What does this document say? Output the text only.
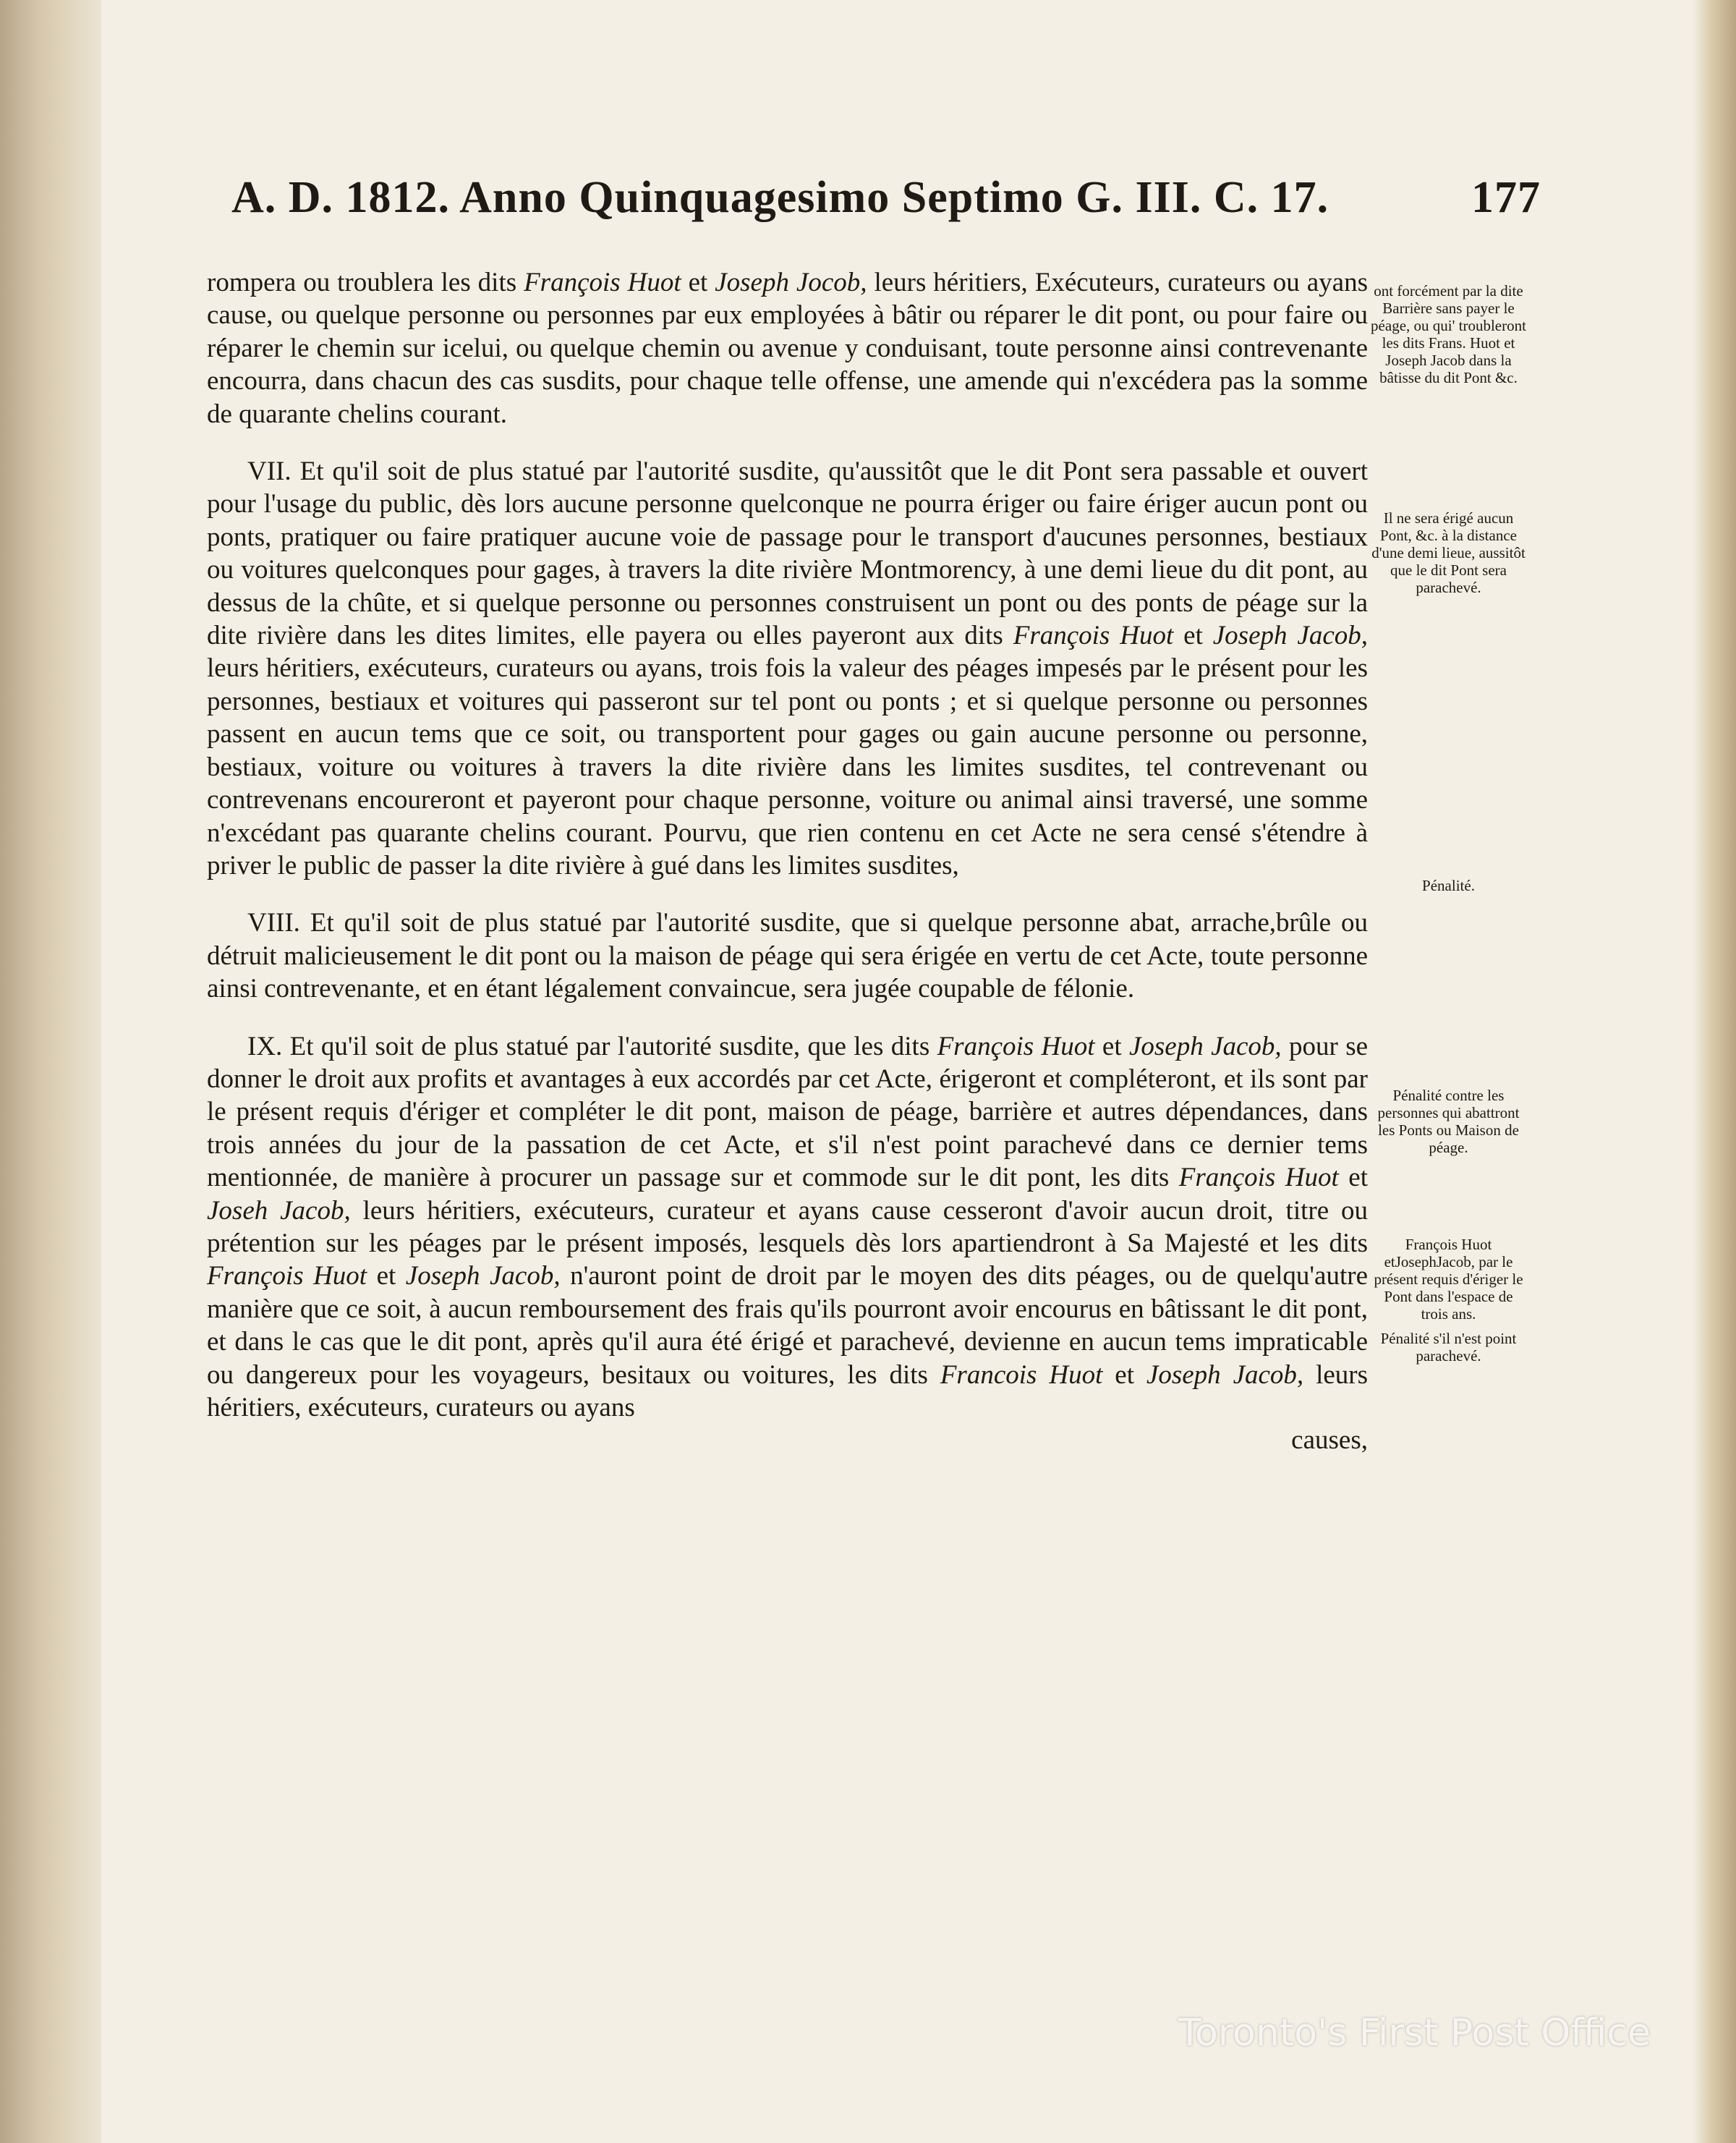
A. D. 1812. Anno Quinquagesimo Septimo G. III. C. 17.	177

rompera ou troublera les dits François Huot et Joseph Jocob, leurs héritiers, Exécuteurs, curateurs ou ayans cause, ou quelque personne ou personnes par eux employées à bâtir ou réparer le dit pont, ou pour faire ou réparer le chemin sur icelui, ou quelque chemin ou avenue y conduisant, toute personne ainsi contrevenante encourra, dans chacun des cas susdits, pour chaque telle offense, une amende qui n'excédera pas la somme de quarante chelins courant.

VII. Et qu'il soit de plus statué par l'autorité susdite, qu'aussitôt que le dit Pont sera passable et ouvert pour l'usage du public, dès lors aucune personne quelconque ne pourra ériger ou faire ériger aucun pont ou ponts, pratiquer ou faire pratiquer aucune voie de passage pour le transport d'aucunes personnes, bestiaux ou voitures quelconques pour gages, à travers la dite rivière Montmorency, à une demi lieue du dit pont, au dessus de la chûte, et si quelque personne ou personnes construisent un pont ou des ponts de péage sur la dite rivière dans les dites limites, elle payera ou elles payeront aux dits François Huot et Joseph Jacob, leurs héritiers, exécuteurs, curateurs ou ayans, trois fois la valeur des péages impesés par le présent pour les personnes, bestiaux et voitures qui passeront sur tel pont ou ponts ; et si quelque personne ou personnes passent en aucun tems que ce soit, ou transportent pour gages ou gain aucune personne ou personne, bestiaux, voiture ou voitures à travers la dite rivière dans les limites susdites, tel contrevenant ou contrevenans encoureront et payeront pour chaque personne, voiture ou animal ainsi traversé, une somme n'excédant pas quarante chelins courant. Pourvu, que rien contenu en cet Acte ne sera censé s'étendre à priver le public de passer la dite rivière à gué dans les limites susdites,

VIII. Et qu'il soit de plus statué par l'autorité susdite, que si quelque personne abat, arrache,brûle ou détruit malicieusement le dit pont ou la maison de péage qui sera érigée en vertu de cet Acte, toute personne ainsi contrevenante, et en étant légalement convaincue, sera jugée coupable de félonie.

IX. Et qu'il soit de plus statué par l'autorité susdite, que les dits François Huot et Joseph Jacob, pour se donner le droit aux profits et avantages à eux accordés par cet Acte, érigeront et compléteront, et ils sont par le présent requis d'ériger et compléter le dit pont, maison de péage, barrière et autres dépendances, dans trois années du jour de la passation de cet Acte, et s'il n'est point parachevé dans ce dernier tems mentionnée, de manière à procurer un passage sur et commode sur le dit pont, les dits François Huot et Joseh Jacob, leurs héritiers, exécuteurs, curateur et ayans cause cesseront d'avoir aucun droit, titre ou prétention sur les péages par le présent imposés, lesquels dès lors apartiendront à Sa Majesté et les dits François Huot et Joseph Jacob, n'auront point de droit par le moyen des dits péages, ou de quelqu'autre manière que ce soit, à aucun remboursement des frais qu'ils pourront avoir encourus en bâtissant le dit pont, et dans le cas que le dit pont, après qu'il aura été érigé et parachevé, devienne en aucun tems impraticable ou dangereux pour les voyageurs, besitaux ou voitures, les dits Francois Huot et Joseph Jacob, leurs héritiers, exécuteurs, curateurs ou ayans

causes,
ont forcément par la dite Barrière sans payer le péage, ou qui' troubleront les dits Frans. Huot et Joseph Jacob dans la bâtisse du dit Pont &c.
Il ne sera érigé aucun Pont, &c. à la distance d'une demi lieue, aussitôt que le dit Pont sera parachevé.
Pénalité.
Pénalité contre les personnes qui abattront les Ponts ou Maison de péage.
François Huot etJosephJacob, par le présent requis d'ériger le Pont dans l'espace de trois ans.
Pénalité s'il n'est point parachevé.
Toronto's First Post Office
